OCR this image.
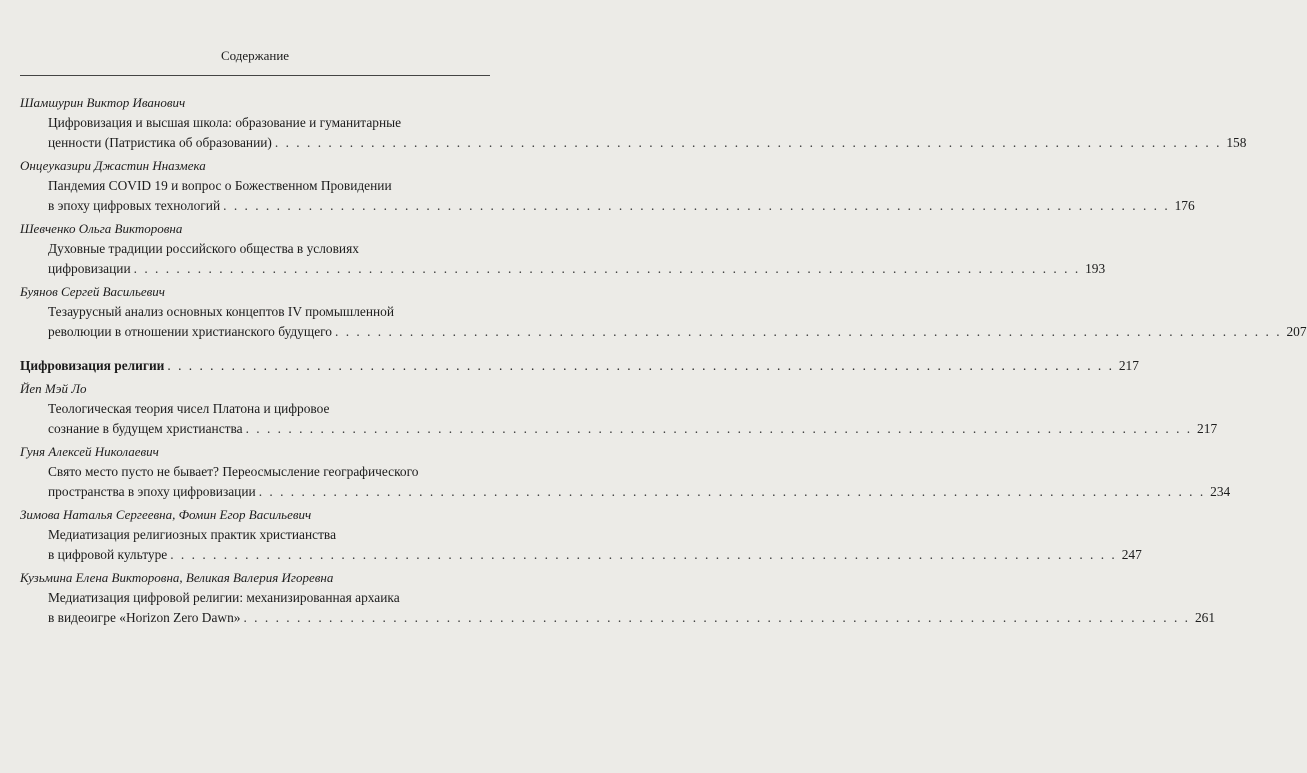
Содержание
Шамшурин Виктор Иванович
Цифровизация и высшая школа: образование и гуманитарные
ценности (Патристика об образовании) . . . . . . . . . . . . . . . . . . . . . . . . . . . . . . . . . . . . . . . . . . . . . . . . . . . . . . . . . . . . . . . . . . . . . . . . . . . . . . . . . . . . . . . . . 158
Онцеуказири Джастин Нназмека
Пандемия COVID 19 и вопрос о Божественном Провидении
в эпоху цифровых технологий . . . . . . . . . . . . . . . . . . . . . . . . . . . . . . . . . . . . . . . . . . . . . . . . . . . . . . . . . . . . . . . . . . . . . . . . . . . . . . . . . . . . . . . . . 176
Шевченко Ольга Викторовна
Духовные традиции российского общества в условиях
цифровизации . . . . . . . . . . . . . . . . . . . . . . . . . . . . . . . . . . . . . . . . . . . . . . . . . . . . . . . . . . . . . . . . . . . . . . . . . . . . . . . . . . . . . . . . . 193
Буянов Сергей Васильевич
Тезаурусный анализ основных концептов IV промышленной
революции в отношении христианского будущего . . . . . . . . . . . . . . . . . . . . . . . . . . . . . . . . . . . . . . . . . . . . . . . . . . . . . . . . . . . . . . . . . . . . . . . . . . . . . . . . . . . . . . . . . 207
Цифровизация религии . . . . . . . . . . . . . . . . . . . . . . . . . . . . . . . . . . . . . . . . . . . . . . . . . . . . . . . . . . . . . . . . . . . . . . . . . . . . . . . . . . . . . . . . . 217
Йеп Мэй Ло
Теологическая теория чисел Платона и цифровое
сознание в будущем христианства . . . . . . . . . . . . . . . . . . . . . . . . . . . . . . . . . . . . . . . . . . . . . . . . . . . . . . . . . . . . . . . . . . . . . . . . . . . . . . . . . . . . . . . . . 217
Гуня Алексей Николаевич
Свято место пусто не бывает? Переосмысление географического
пространства в эпоху цифровизации . . . . . . . . . . . . . . . . . . . . . . . . . . . . . . . . . . . . . . . . . . . . . . . . . . . . . . . . . . . . . . . . . . . . . . . . . . . . . . . . . . . . . . . . . 234
Зимова Наталья Сергеевна, Фомин Егор Васильевич
Медиатизация религиозных практик христианства
в цифровой культуре . . . . . . . . . . . . . . . . . . . . . . . . . . . . . . . . . . . . . . . . . . . . . . . . . . . . . . . . . . . . . . . . . . . . . . . . . . . . . . . . . . . . . . . . . 247
Кузьмина Елена Викторовна, Великая Валерия Игоревна
Медиатизация цифровой религии: механизированная архаика
в видеоигре «Horizon Zero Dawn» . . . . . . . . . . . . . . . . . . . . . . . . . . . . . . . . . . . . . . . . . . . . . . . . . . . . . . . . . . . . . . . . . . . . . . . . . . . . . . . . . . . . . . . . . 261
